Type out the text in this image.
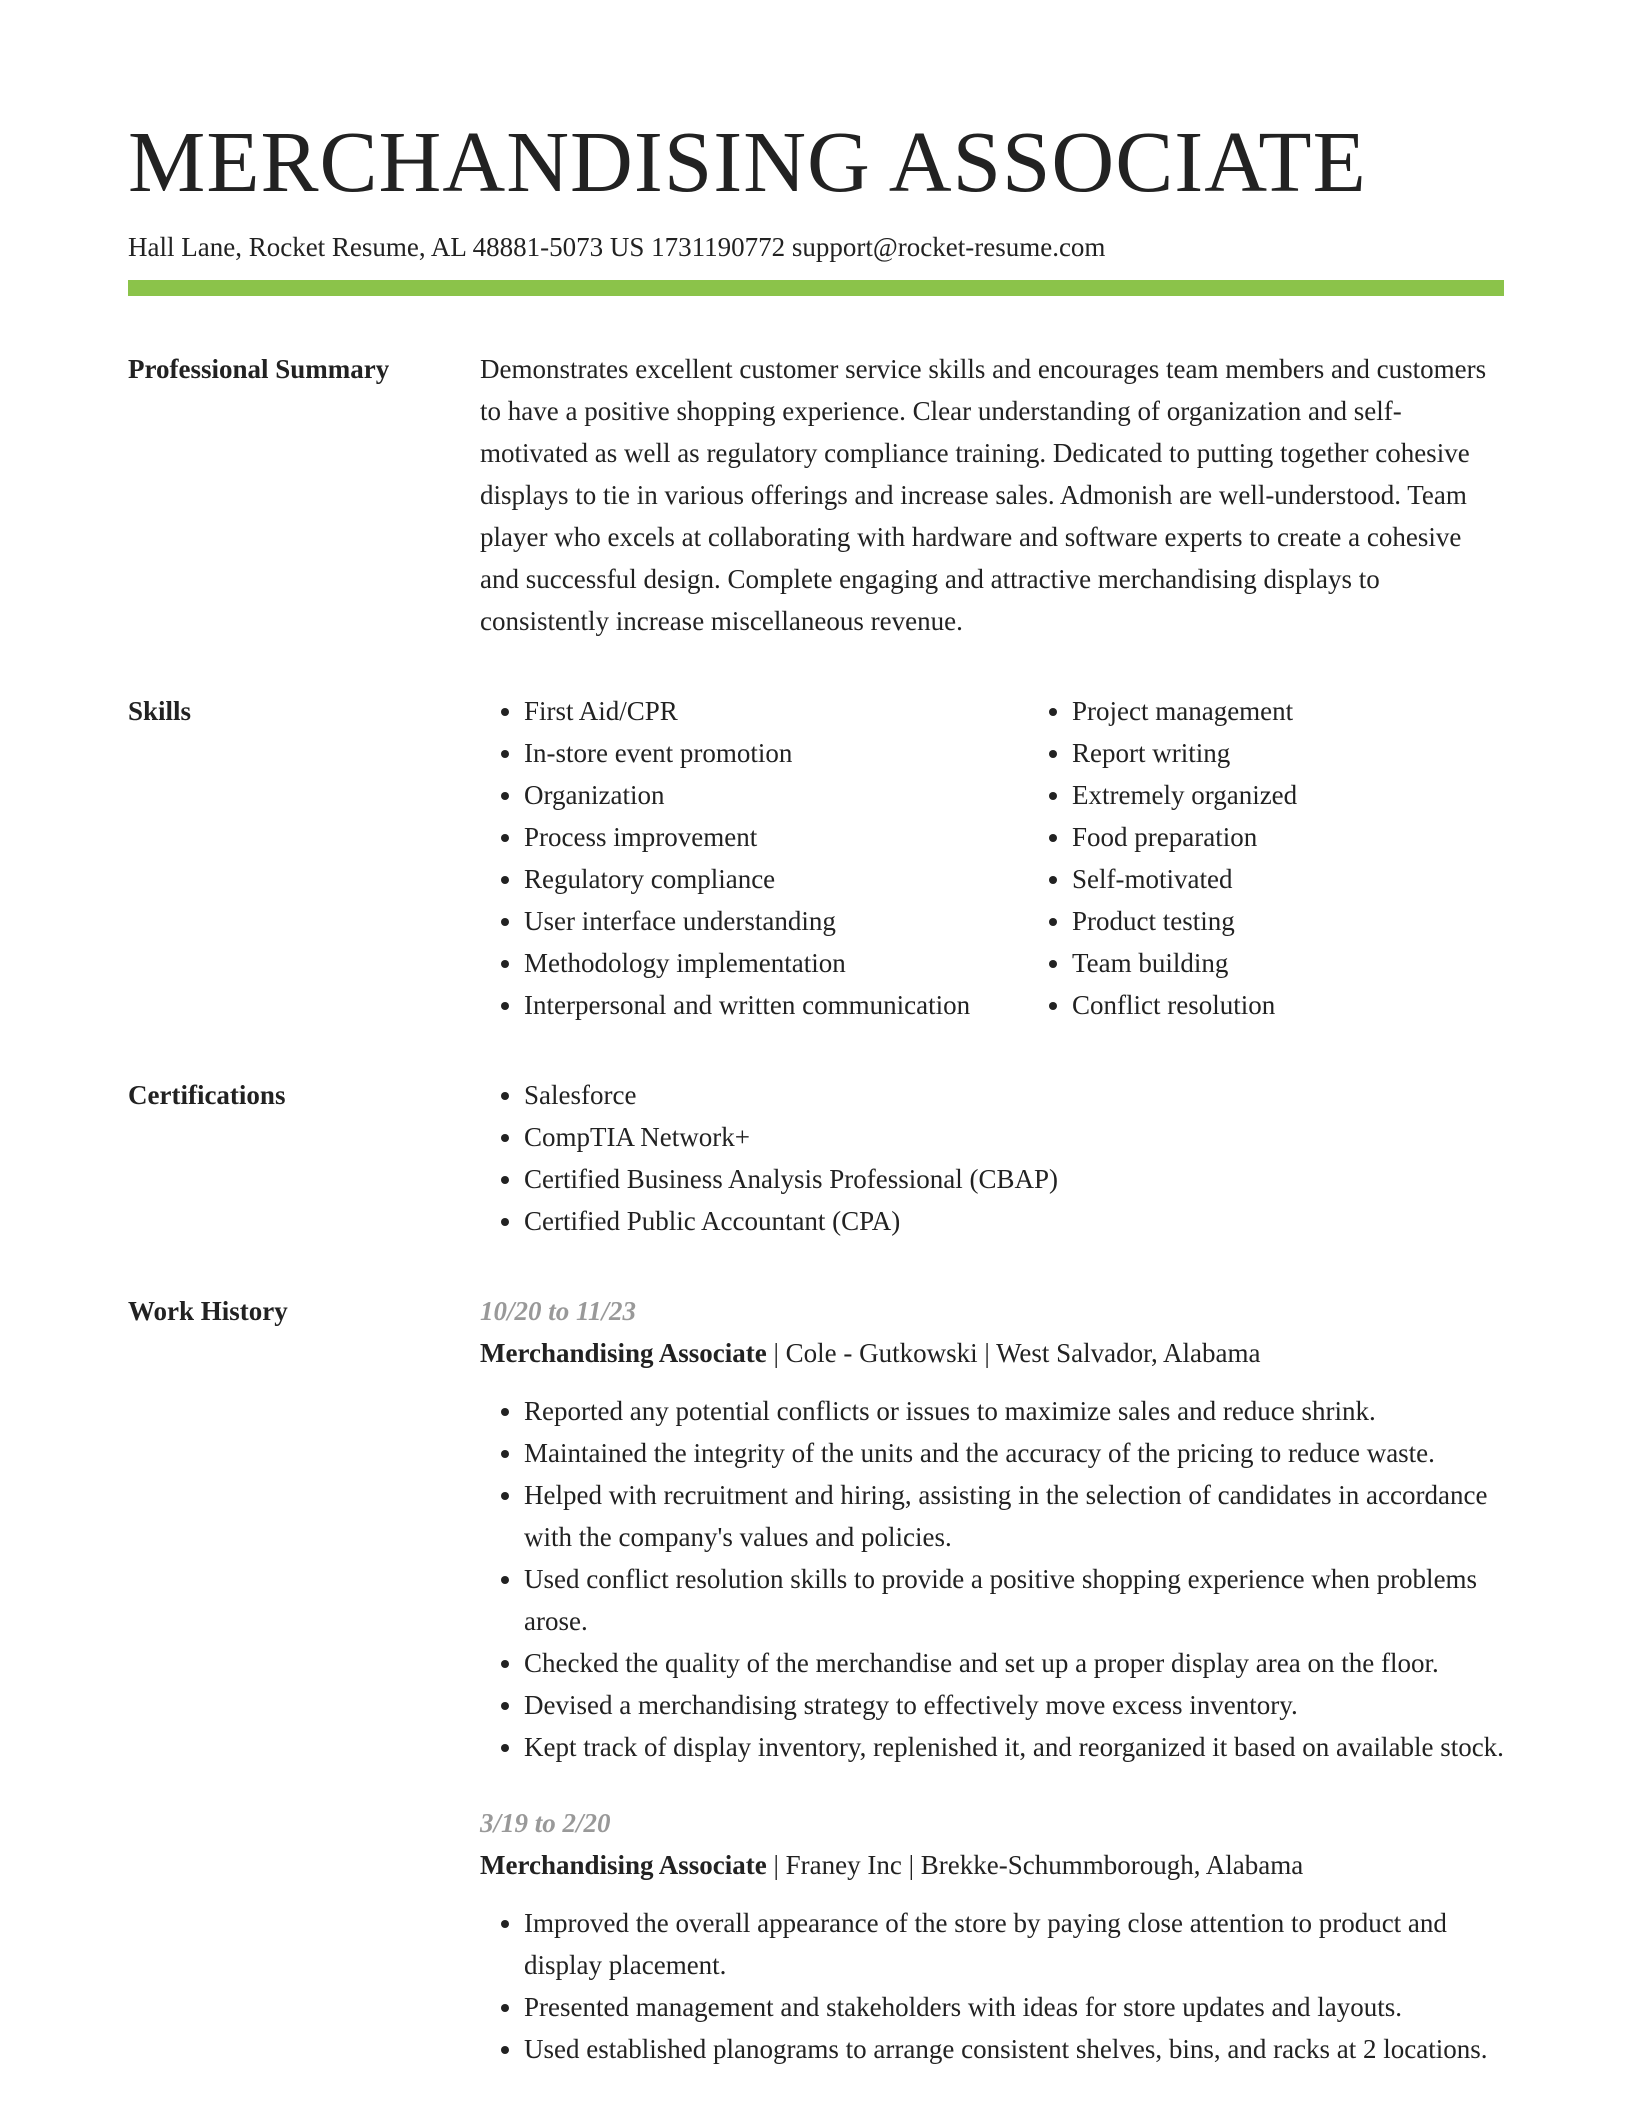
MERCHANDISING ASSOCIATE
Hall Lane, Rocket Resume, AL 48881-5073 US 1731190772 support@rocket-resume.com
Professional Summary	Demonstrates excellent customer service skills and encourages team members and customers to have a positive shopping experience. Clear understanding of organization and self-motivated as well as regulatory compliance training. Dedicated to putting together cohesive displays to tie in various offerings and increase sales. Admonish are well-understood. Team player who excels at collaborating with hardware and software experts to create a cohesive and successful design. Complete engaging and attractive merchandising displays to consistently increase miscellaneous revenue.

Skills	• First Aid/CPR
• In-store event promotion
• Organization
• Process improvement
• Regulatory compliance
• User interface understanding
• Methodology implementation
• Interpersonal and written communication
• Project management
• Report writing
• Extremely organized
• Food preparation
• Self-motivated
• Product testing
• Team building
• Conflict resolution
Certifications	• Salesforce
• CompTIA Network+
• Certified Business Analysis Professional (CBAP)
• Certified Public Accountant (CPA)
Work History	10/20 to 11/23
Merchandising Associate | Cole - Gutkowski | West Salvador, Alabama
• Reported any potential conflicts or issues to maximize sales and reduce shrink.
• Maintained the integrity of the units and the accuracy of the pricing to reduce waste.
• Helped with recruitment and hiring, assisting in the selection of candidates in accordance with the company's values and policies.
• Used conflict resolution skills to provide a positive shopping experience when problems arose.
• Checked the quality of the merchandise and set up a proper display area on the floor.
• Devised a merchandising strategy to effectively move excess inventory.
• Kept track of display inventory, replenished it, and reorganized it based on available stock.
3/19 to 2/20
Merchandising Associate | Franey Inc | Brekke-Schummborough, Alabama
• Improved the overall appearance of the store by paying close attention to product and display placement.
• Presented management and stakeholders with ideas for store updates and layouts.
• Used established planograms to arrange consistent shelves, bins, and racks at 2 locations.
